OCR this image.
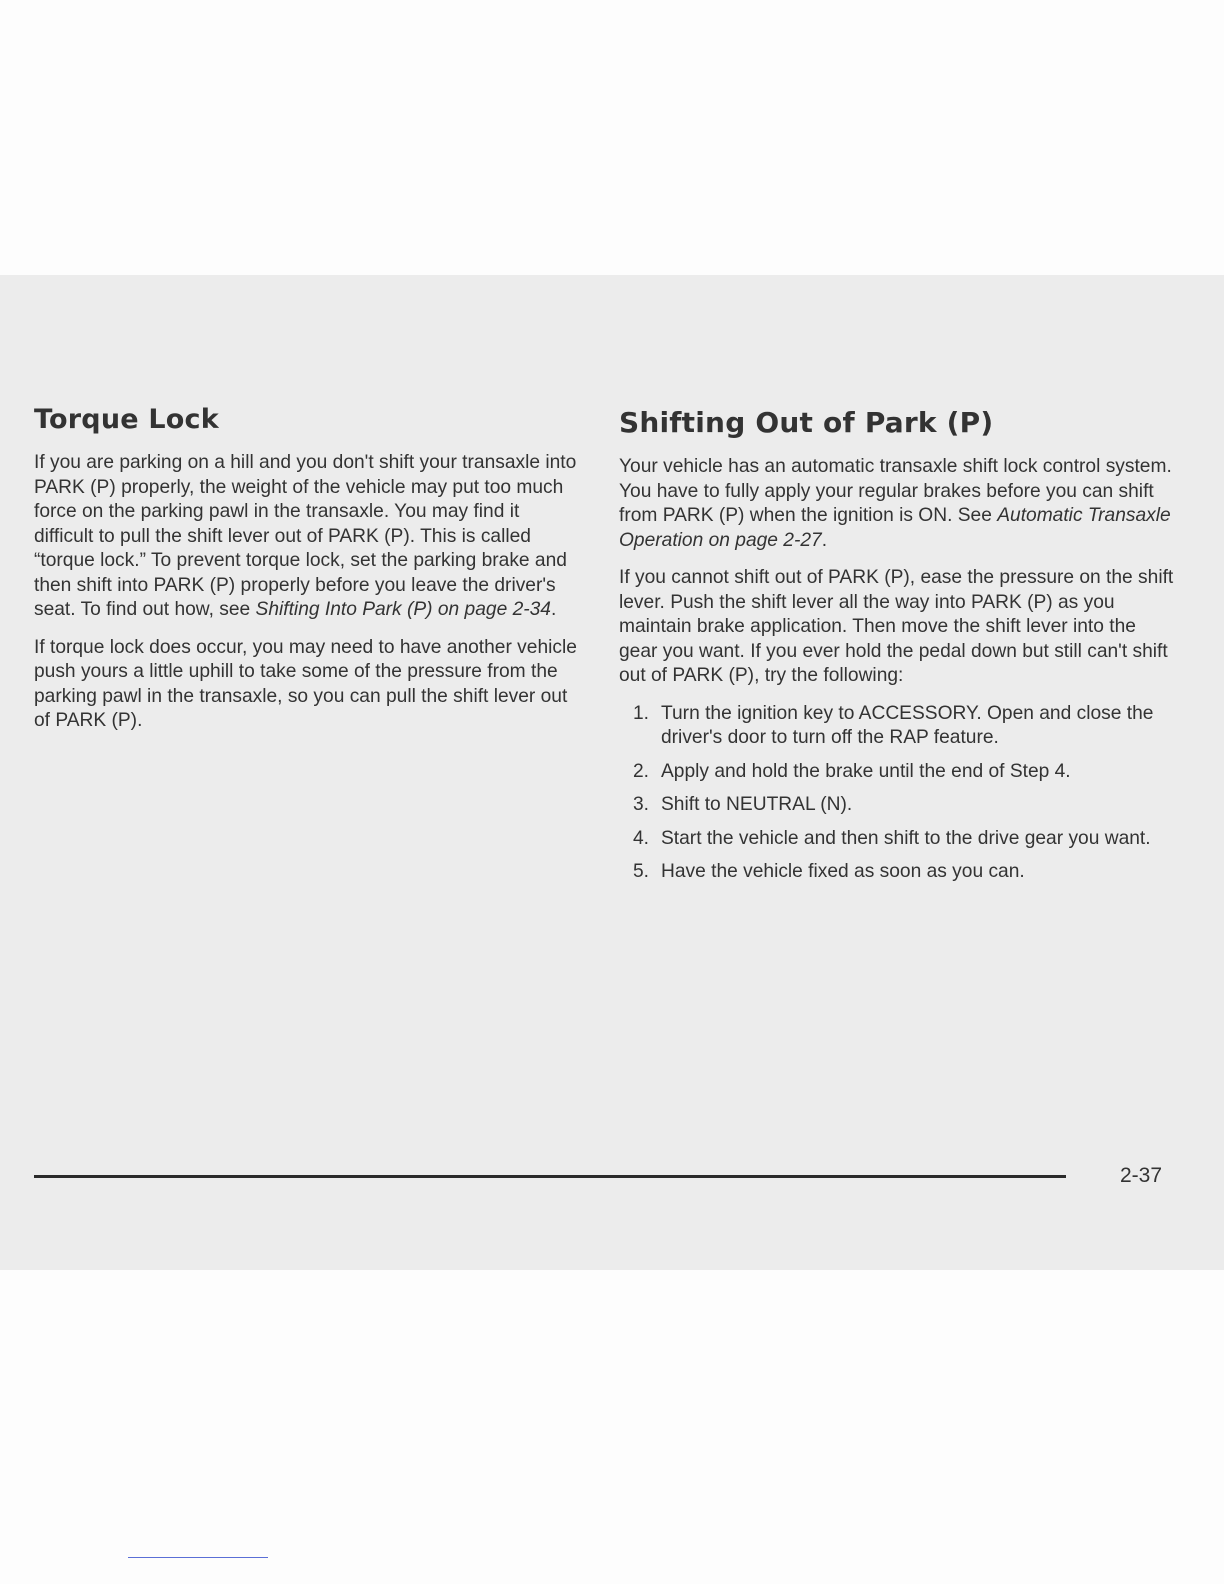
Torque Lock

If you are parking on a hill and you don't shift your transaxle into PARK (P) properly, the weight of the vehicle may put too much force on the parking pawl in the transaxle. You may find it difficult to pull the shift lever out of PARK (P). This is called “torque lock.” To prevent torque lock, set the parking brake and then shift into PARK (P) properly before you leave the driver's seat. To find out how, see Shifting Into Park (P) on page 2-34.

If torque lock does occur, you may need to have another vehicle push yours a little uphill to take some of the pressure from the parking pawl in the transaxle, so you can pull the shift lever out of PARK (P).

Shifting Out of Park (P)

Your vehicle has an automatic transaxle shift lock control system. You have to fully apply your regular brakes before you can shift from PARK (P) when the ignition is ON. See Automatic Transaxle Operation on page 2-27.

If you cannot shift out of PARK (P), ease the pressure on the shift lever. Push the shift lever all the way into PARK (P) as you maintain brake application. Then move the shift lever into the gear you want. If you ever hold the pedal down but still can't shift out of PARK (P), try the following:

1. Turn the ignition key to ACCESSORY. Open and close the driver's door to turn off the RAP feature.
2. Apply and hold the brake until the end of Step 4.
3. Shift to NEUTRAL (N).
4. Start the vehicle and then shift to the drive gear you want.
5. Have the vehicle fixed as soon as you can.
2-37
